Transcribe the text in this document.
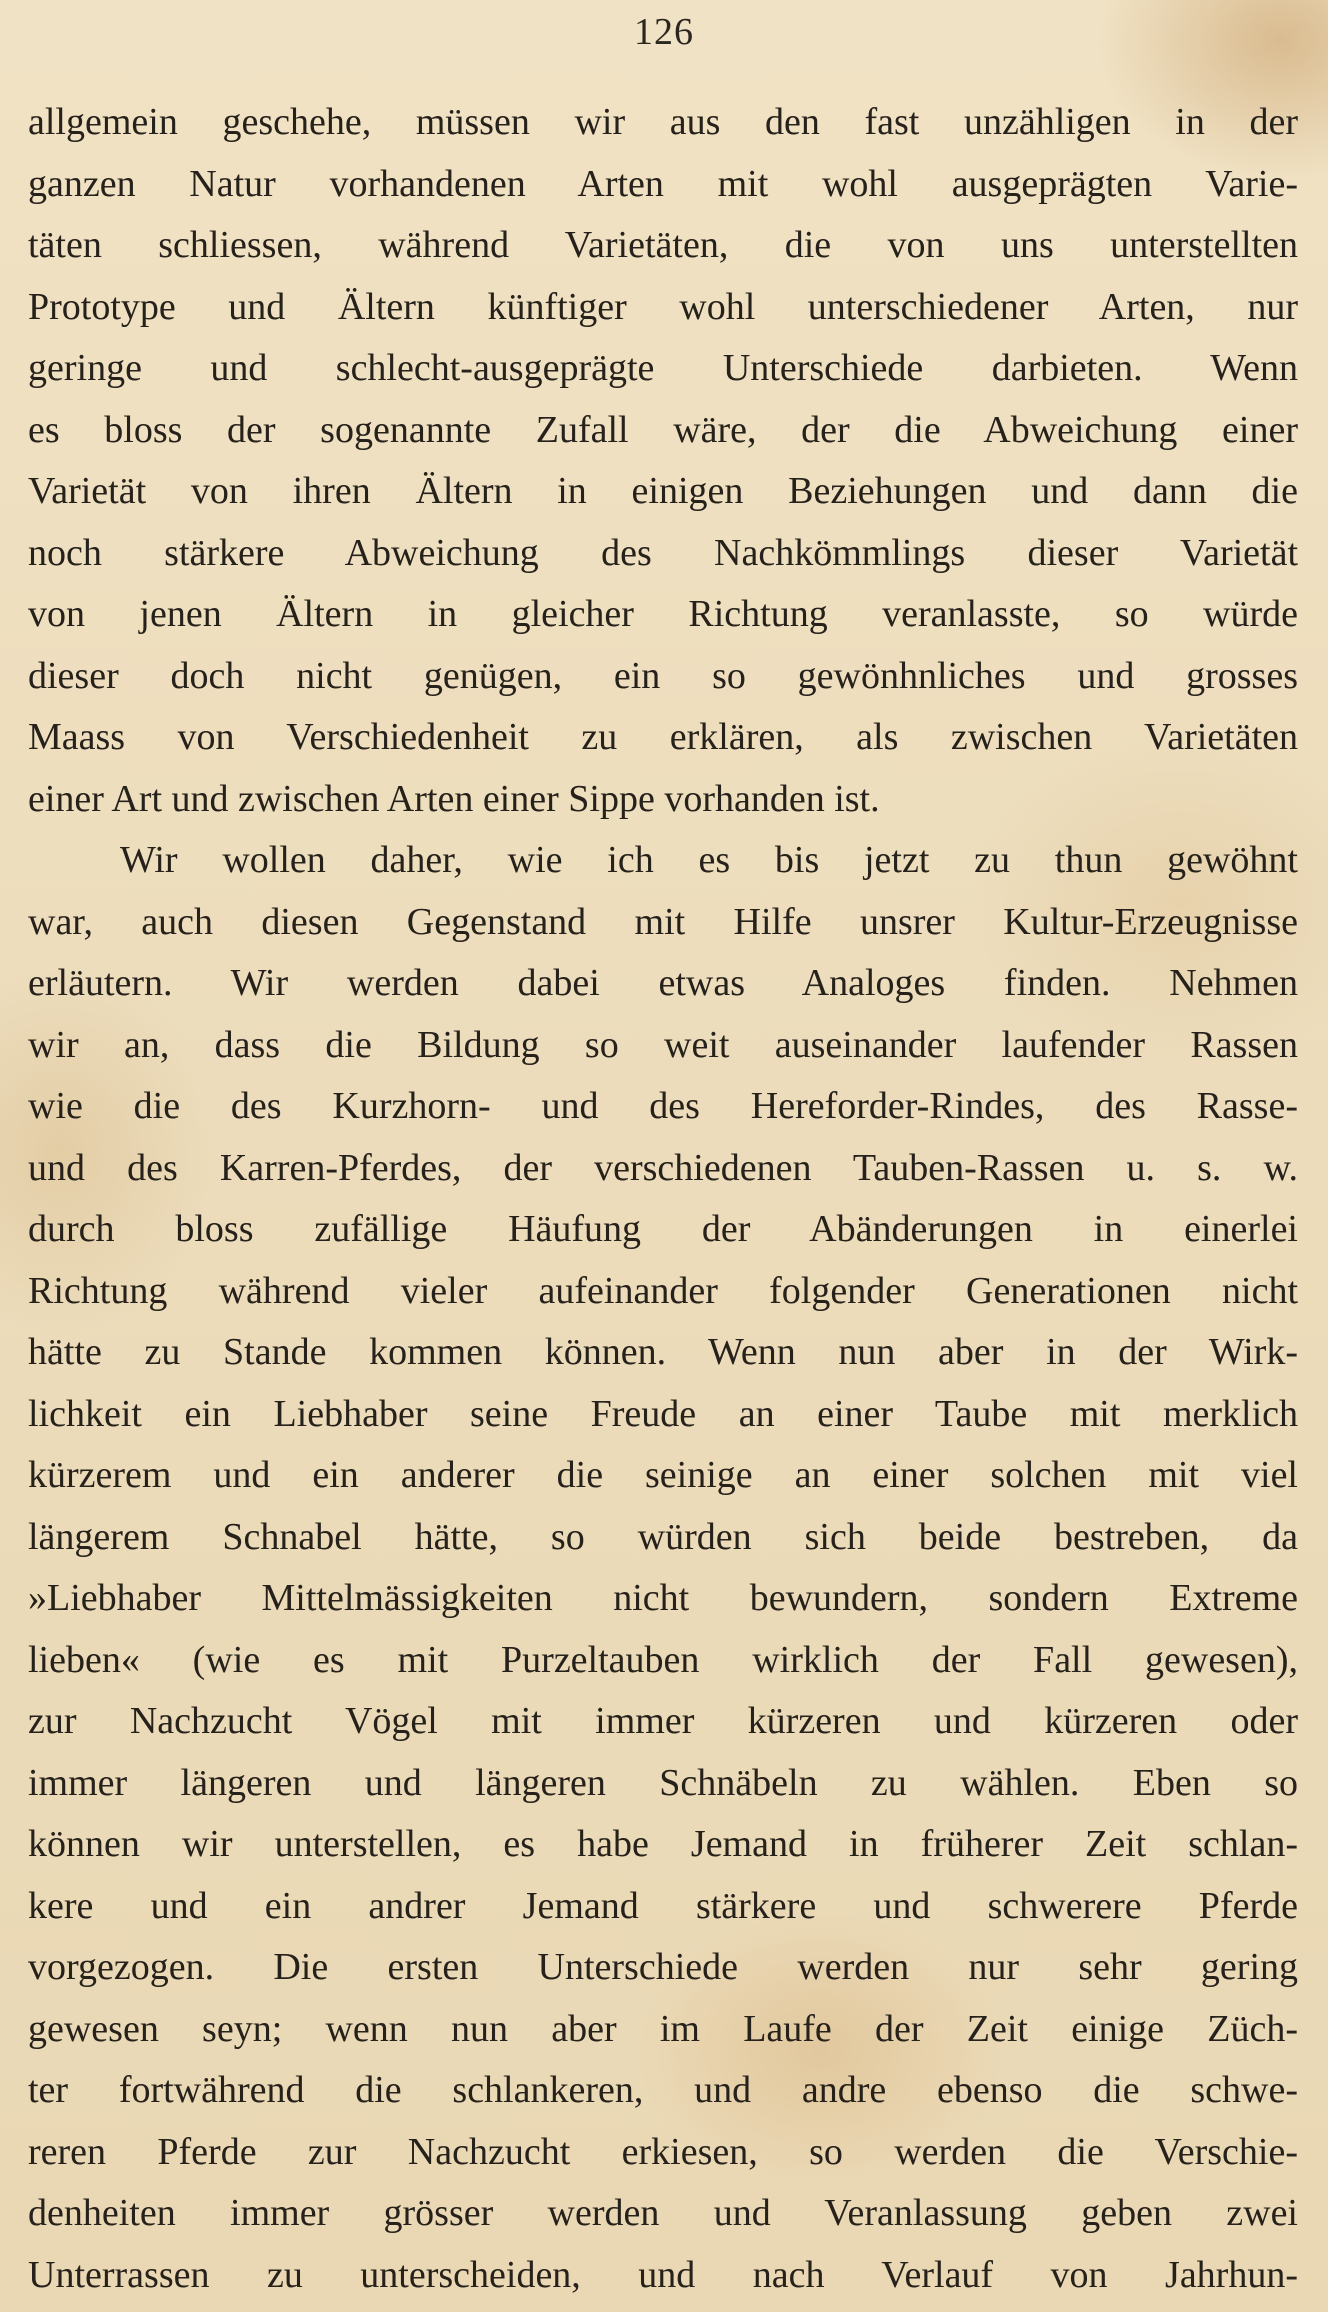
126
allgemein geschehe, müssen wir aus den fast unzähligen in der
ganzen Natur vorhandenen Arten mit wohl ausgeprägten Varie-
täten schliessen, während Varietäten, die von uns unterstellten
Prototype und Ältern künftiger wohl unterschiedener Arten, nur
geringe und schlecht-ausgeprägte Unterschiede darbieten. Wenn
es bloss der sogenannte Zufall wäre, der die Abweichung einer
Varietät von ihren Ältern in einigen Beziehungen und dann die
noch stärkere Abweichung des Nachkömmlings dieser Varietät
von jenen Ältern in gleicher Richtung veranlasste, so würde
dieser doch nicht genügen, ein so gewönhnliches und grosses
Maass von Verschiedenheit zu erklären, als zwischen Varietäten
einer Art und zwischen Arten einer Sippe vorhanden ist.
Wir wollen daher, wie ich es bis jetzt zu thun gewöhnt
war, auch diesen Gegenstand mit Hilfe unsrer Kultur-Erzeugnisse
erläutern. Wir werden dabei etwas Analoges finden. Nehmen
wir an, dass die Bildung so weit auseinander laufender Rassen
wie die des Kurzhorn- und des Hereforder-Rindes, des Rasse-
und des Karren-Pferdes, der verschiedenen Tauben-Rassen u. s. w.
durch bloss zufällige Häufung der Abänderungen in einerlei
Richtung während vieler aufeinander folgender Generationen nicht
hätte zu Stande kommen können. Wenn nun aber in der Wirk-
lichkeit ein Liebhaber seine Freude an einer Taube mit merklich
kürzerem und ein anderer die seinige an einer solchen mit viel
längerem Schnabel hätte, so würden sich beide bestreben, da
»Liebhaber Mittelmässigkeiten nicht bewundern, sondern Extreme
lieben« (wie es mit Purzeltauben wirklich der Fall gewesen),
zur Nachzucht Vögel mit immer kürzeren und kürzeren oder
immer längeren und längeren Schnäbeln zu wählen. Eben so
können wir unterstellen, es habe Jemand in früherer Zeit schlan-
kere und ein andrer Jemand stärkere und schwerere Pferde
vorgezogen. Die ersten Unterschiede werden nur sehr gering
gewesen seyn; wenn nun aber im Laufe der Zeit einige Züch-
ter fortwährend die schlankeren, und andre ebenso die schwe-
reren Pferde zur Nachzucht erkiesen, so werden die Verschie-
denheiten immer grösser werden und Veranlassung geben zwei
Unterrassen zu unterscheiden, und nach Verlauf von Jahrhun-
